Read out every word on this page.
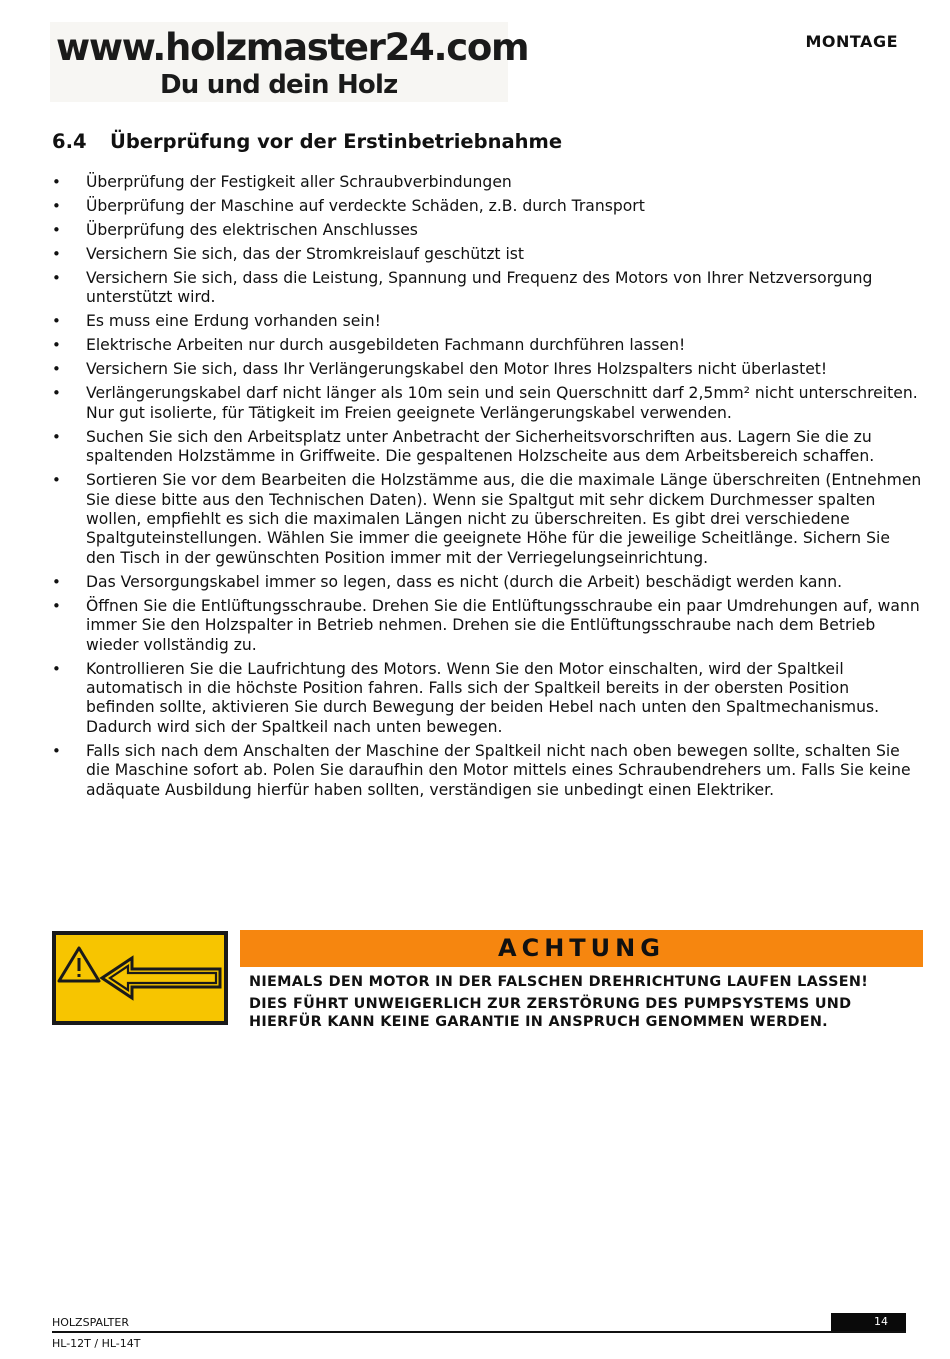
www.holzmaster24.com
Du und dein Holz
MONTAGE
6.4 Überprüfung vor der Erstinbetriebnahme
• Überprüfung der Festigkeit aller Schraubverbindungen
• Überprüfung der Maschine auf verdeckte Schäden, z.B. durch Transport
• Überprüfung des elektrischen Anschlusses
• Versichern Sie sich, das der Stromkreislauf geschützt ist
• Versichern Sie sich, dass die Leistung, Spannung und Frequenz des Motors von Ihrer Netzversorgung unterstützt wird.
• Es muss eine Erdung vorhanden sein!
• Elektrische Arbeiten nur durch ausgebildeten Fachmann durchführen lassen!
• Versichern Sie sich, dass Ihr Verlängerungskabel den Motor Ihres Holzspalters nicht überlastet!
• Verlängerungskabel darf nicht länger als 10m sein und sein Querschnitt darf 2,5mm² nicht unterschreiten. Nur gut isolierte, für Tätigkeit im Freien geeignete Verlängerungskabel verwenden.
• Suchen Sie sich den Arbeitsplatz unter Anbetracht der Sicherheitsvorschriften aus. Lagern Sie die zu spaltenden Holzstämme in Griffweite. Die gespaltenen Holzscheite aus dem Arbeitsbereich schaffen.
• Sortieren Sie vor dem Bearbeiten die Holzstämme aus, die die maximale Länge überschreiten (Entnehmen Sie diese bitte aus den Technischen Daten). Wenn sie Spaltgut mit sehr dickem Durchmesser spalten wollen, empfiehlt es sich die maximalen Längen nicht zu überschreiten. Es gibt drei verschiedene Spaltguteinstellungen. Wählen Sie immer die geeignete Höhe für die jeweilige Scheitlänge. Sichern Sie den Tisch in der gewünschten Position immer mit der Verriegelungseinrichtung.
• Das Versorgungskabel immer so legen, dass es nicht (durch die Arbeit) beschädigt werden kann.
• Öffnen Sie die Entlüftungsschraube. Drehen Sie die Entlüftungsschraube ein paar Umdrehungen auf, wann immer Sie den Holzspalter in Betrieb nehmen. Drehen sie die Entlüftungsschraube nach dem Betrieb wieder vollständig zu.
• Kontrollieren Sie die Laufrichtung des Motors. Wenn Sie den Motor einschalten, wird der Spaltkeil automatisch in die höchste Position fahren. Falls sich der Spaltkeil bereits in der obersten Position befinden sollte, aktivieren Sie durch Bewegung der beiden Hebel nach unten den Spaltmechanismus. Dadurch wird sich der Spaltkeil nach unten bewegen.
• Falls sich nach dem Anschalten der Maschine der Spaltkeil nicht nach oben bewegen sollte, schalten Sie die Maschine sofort ab. Polen Sie daraufhin den Motor mittels eines Schraubendrehers um. Falls Sie keine adäquate Ausbildung hierfür haben sollten, verständigen sie unbedingt einen Elektriker.
ACHTUNG

NIEMALS DEN MOTOR IN DER FALSCHEN DREHRICHTUNG LAUFEN LASSEN!

DIES FÜHRT UNWEIGERLICH ZUR ZERSTÖRUNG DES PUMPSYSTEMS UND HIERFÜR KANN KEINE GARANTIE IN ANSPRUCH GENOMMEN WERDEN.

HOLZSPALTER	14
HL-12T / HL-14T
